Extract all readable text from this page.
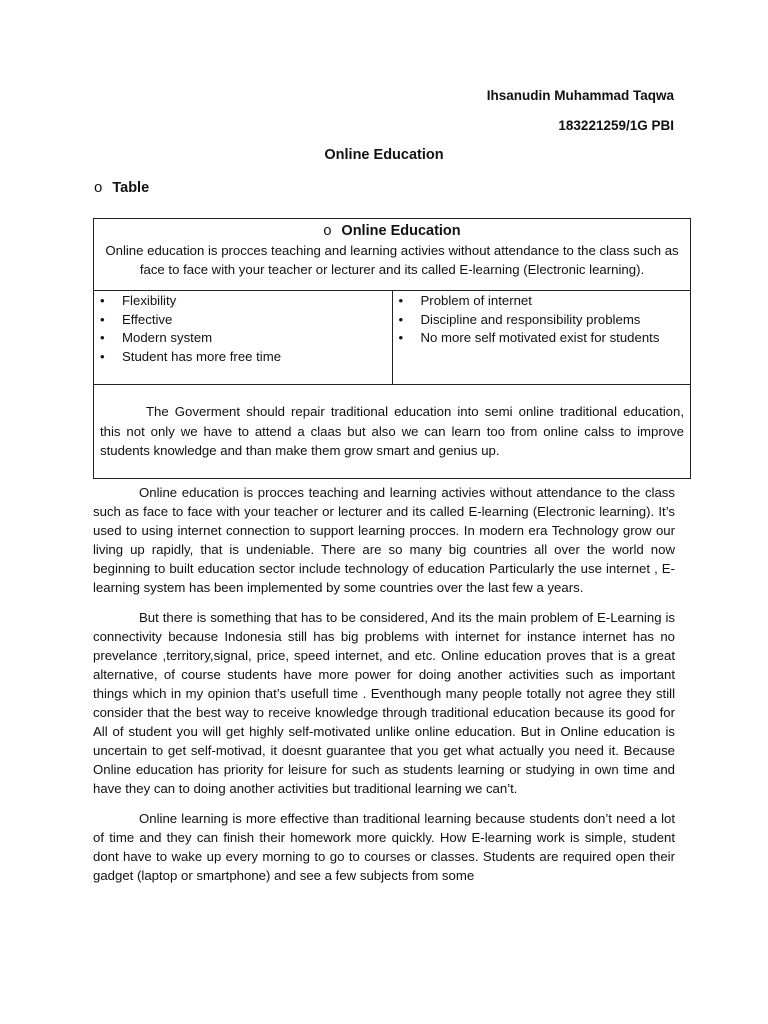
Ihsanudin Muhammad Taqwa
183221259/1G PBI
Online Education
o Table
o Online Education
Online education is procces teaching and learning activies without attendance to the class such as face to face with your teacher or lecturer and its called E-learning (Electronic learning).

• Flexibility
• Effective
• Modern system
• Student has more free time

• Problem of internet
• Discipline and responsibility problems
• No more self motivated exist for students

The Goverment should repair traditional education into semi online traditional education, this not only we have to attend a claas but also we can learn too from online calss to improve students knowledge and than make them grow smart and genius up.

Online education is procces teaching and learning activies without attendance to the class such as face to face with your teacher or lecturer and its called E-learning (Electronic learning). It’s used to using internet connection to support learning procces. In modern era Technology grow our living up rapidly, that is undeniable. There are so many big countries all over the world now beginning to built education sector include technology of education Particularly the use internet , E-learning system has been implemented by some countries over the last few a years.

But there is something that has to be considered, And its the main problem of E-Learning is connectivity because Indonesia still has big problems with internet for instance internet has no prevelance ,territory,signal, price, speed internet, and etc. Online education proves that is a great alternative, of course students have more power for doing another activities such as important things which in my opinion that’s usefull time . Eventhough many people totally not agree they still consider that the best way to receive knowledge through traditional education because its good for All of student you will get highly self-motivated unlike online education. But in Online education is uncertain to get self-motivad, it doesnt guarantee that you get what actually you need it. Because Online education has priority for leisure for such as students learning or studying in own time and have they can to doing another activities but traditional learning we can’t.

Online learning is more effective than traditional learning because students don’t need a lot of time and they can finish their homework more quickly. How E-learning work is simple, student dont have to wake up every morning to go to courses or classes. Students are required open their gadget (laptop or smartphone) and see a few subjects from some
